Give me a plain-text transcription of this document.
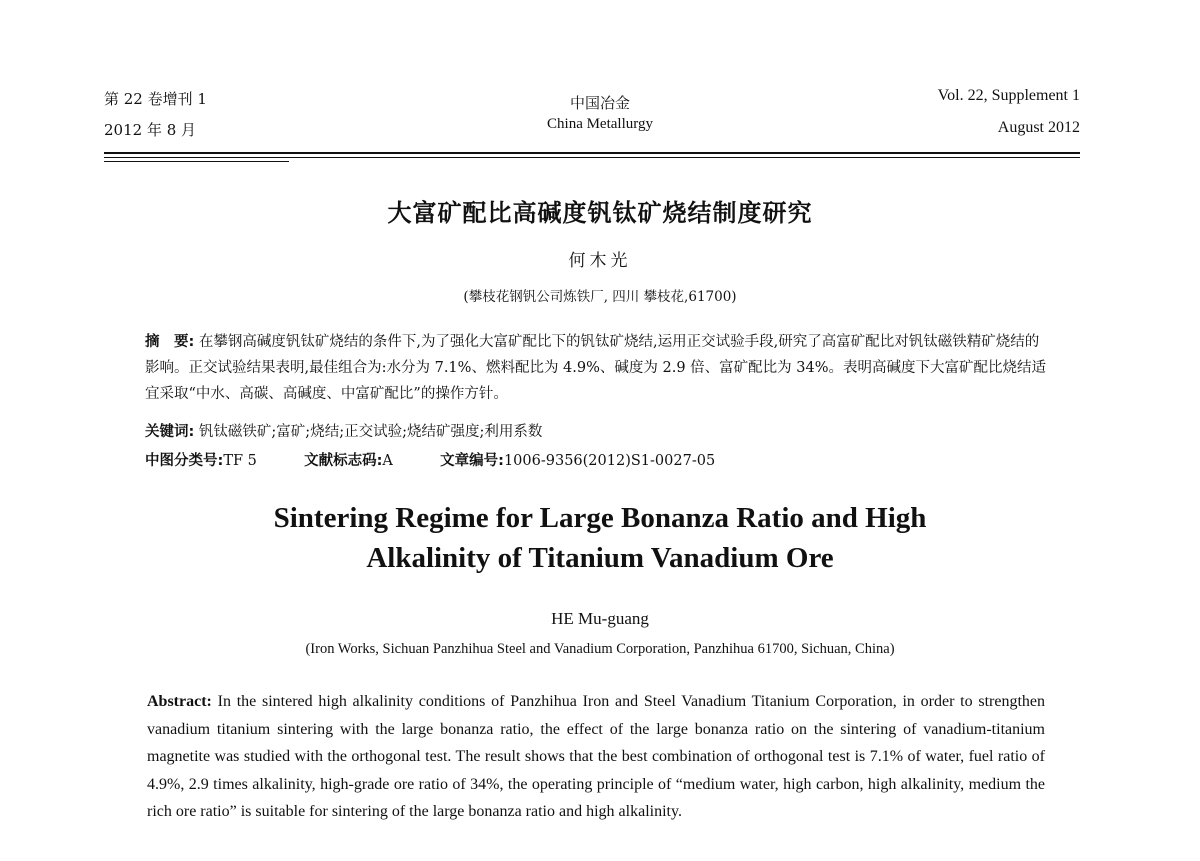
第 22 卷增刊 1
2012 年 8 月
中国冶金
China Metallurgy
Vol. 22, Supplement 1
August 2012
大富矿配比高碱度钒钛矿烧结制度研究
何木光
(攀枝花钢钒公司炼铁厂, 四川 攀枝花,61700)
摘　要: 在攀钢高碱度钒钛矿烧结的条件下,为了强化大富矿配比下的钒钛矿烧结,运用正交试验手段,研究了高富矿配比对钒钛磁铁精矿烧结的影响。正交试验结果表明,最佳组合为:水分为 7.1%、燃料配比为 4.9%、碱度为 2.9 倍、富矿配比为 34%。表明高碱度下大富矿配比烧结适宜采取“中水、高碳、高碱度、中富矿配比”的操作方针。
关键词: 钒钛磁铁矿;富矿;烧结;正交试验;烧结矿强度;利用系数
中图分类号:TF 5	文献标志码:A	文章编号:1006-9356(2012)S1-0027-05
Sintering Regime for Large Bonanza Ratio and High
Alkalinity of Titanium Vanadium Ore
HE Mu-guang
(Iron Works, Sichuan Panzhihua Steel and Vanadium Corporation, Panzhihua 61700, Sichuan, China)
Abstract: In the sintered high alkalinity conditions of Panzhihua Iron and Steel Vanadium Titanium Corporation, in order to strengthen vanadium titanium sintering with the large bonanza ratio, the effect of the large bonanza ratio on the sintering of vanadium-titanium magnetite was studied with the orthogonal test. The result shows that the best combination of orthogonal test is 7.1% of water, fuel ratio of 4.9%, 2.9 times alkalinity, high-grade ore ratio of 34%, the operating principle of “medium water, high carbon, high alkalinity, medium the rich ore ratio” is suitable for sintering of the large bonanza ratio and high alkalinity.
